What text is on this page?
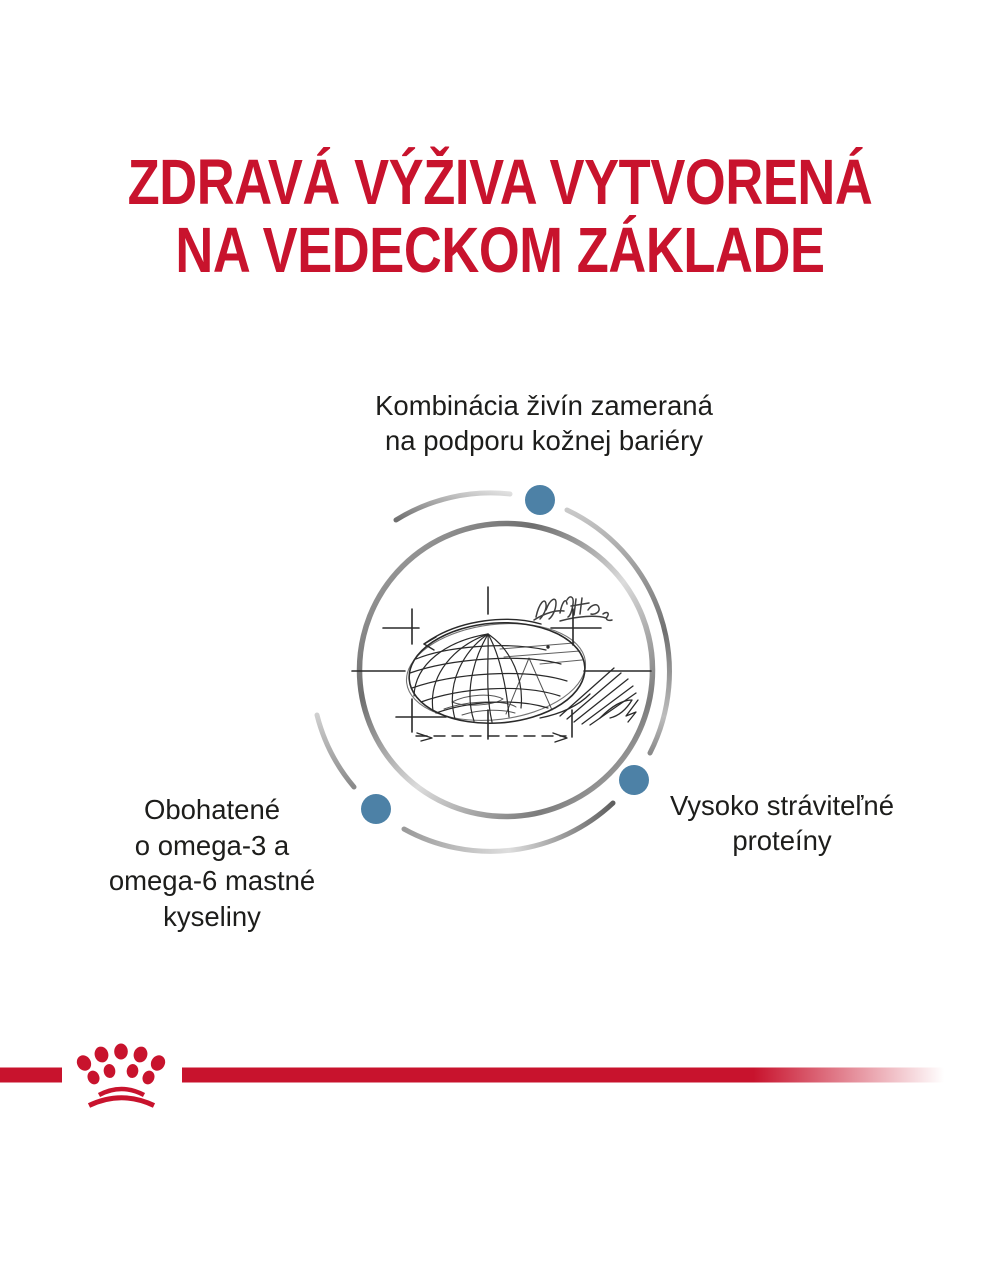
ZDRAVÁ VÝŽIVA VYTVORENÁ
NA VEDECKOM ZÁKLADE
Kombinácia živín zameraná
na podporu kožnej bariéry
Obohatené
o omega-3 a
omega-6 mastné
kyseliny
Vysoko stráviteľné
proteíny
